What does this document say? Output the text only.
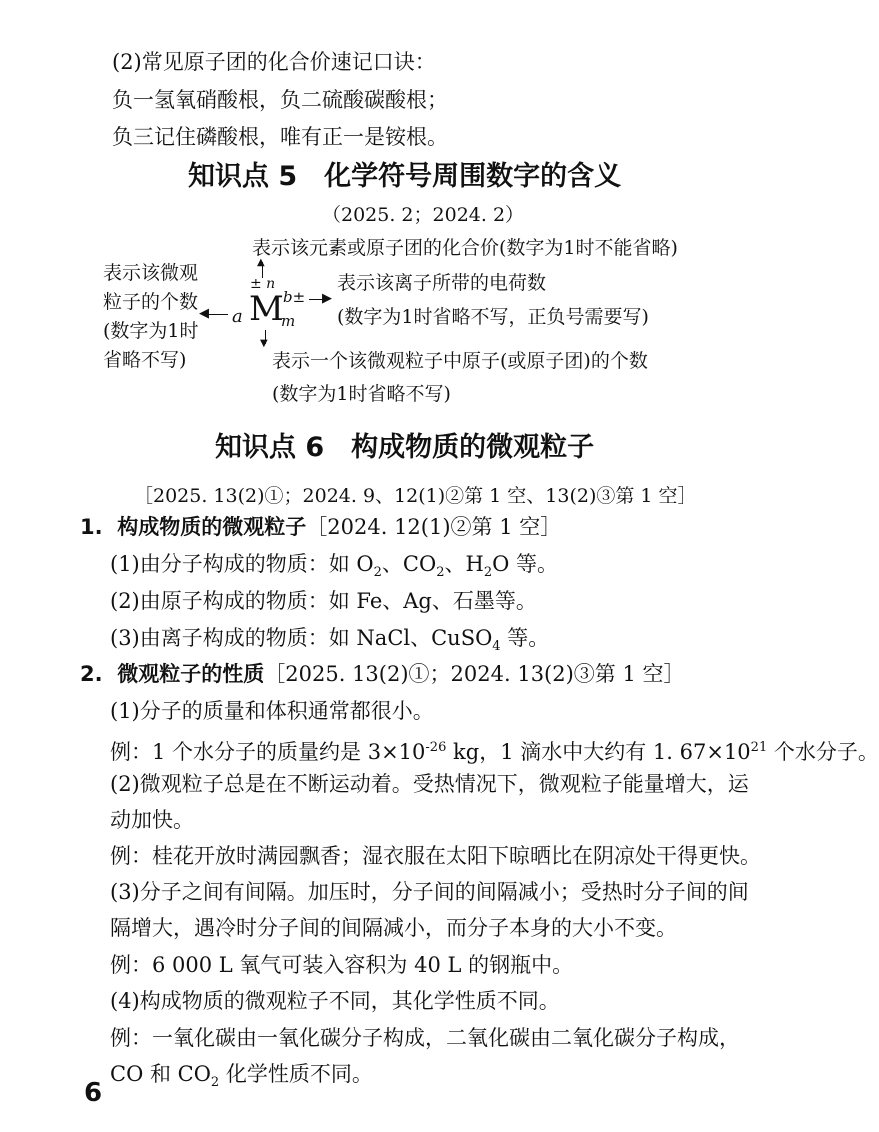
(2)常见原子团的化合价速记口诀：
负一氢氧硝酸根，负二硫酸碳酸根；
负三记住磷酸根，唯有正一是铵根。
知识点 5　化学符号周围数字的含义
（2025. 2；2024. 2）
表示该元素或原子团的化合价(数字为1时不能省略)
▲
表示该微观
粒子的个数
(数字为1时
省略不写)
◀ a
± n
M b±
m
▶
表示该离子所带的电荷数
(数字为1时省略不写，正负号需要写)
▼
表示一个该微观粒子中原子(或原子团)的个数
(数字为1时省略不写)
知识点 6　构成物质的微观粒子
［2025. 13(2)①；2024. 9、12(1)②第 1 空、13(2)③第 1 空］
1. 构成物质的微观粒子［2024. 12(1)②第 1 空］
(1)由分子构成的物质：如 $O_2$、$CO_2$、$H_2O$ 等。
(2)由原子构成的物质：如 Fe、Ag、石墨等。
(3)由离子构成的物质：如 NaCl、CuSO$_4$ 等。
2. 微观粒子的性质［2025. 13(2)①；2024. 13(2)③第 1 空］
(1)分子的质量和体积通常都很小。
例：1 个水分子的质量约是 $3\times 10^{-26}$ kg，1 滴水中大约有 1. $67\times 10^{21}$ 个水分子。
(2)微观粒子总是在不断运动着。受热情况下，微观粒子能量增大，运
动加快。
例：桂花开放时满园飘香；湿衣服在太阳下晾晒比在阴凉处干得更快。
(3)分子之间有间隔。加压时，分子间的间隔减小；受热时分子间的间
隔增大，遇冷时分子间的间隔减小，而分子本身的大小不变。
例：6 000 L 氧气可装入容积为 40 L 的钢瓶中。
(4)构成物质的微观粒子不同，其化学性质不同。
例：一氧化碳由一氧化碳分子构成，二氧化碳由二氧化碳分子构成，
CO 和 $CO_2$ 化学性质不同。
6
